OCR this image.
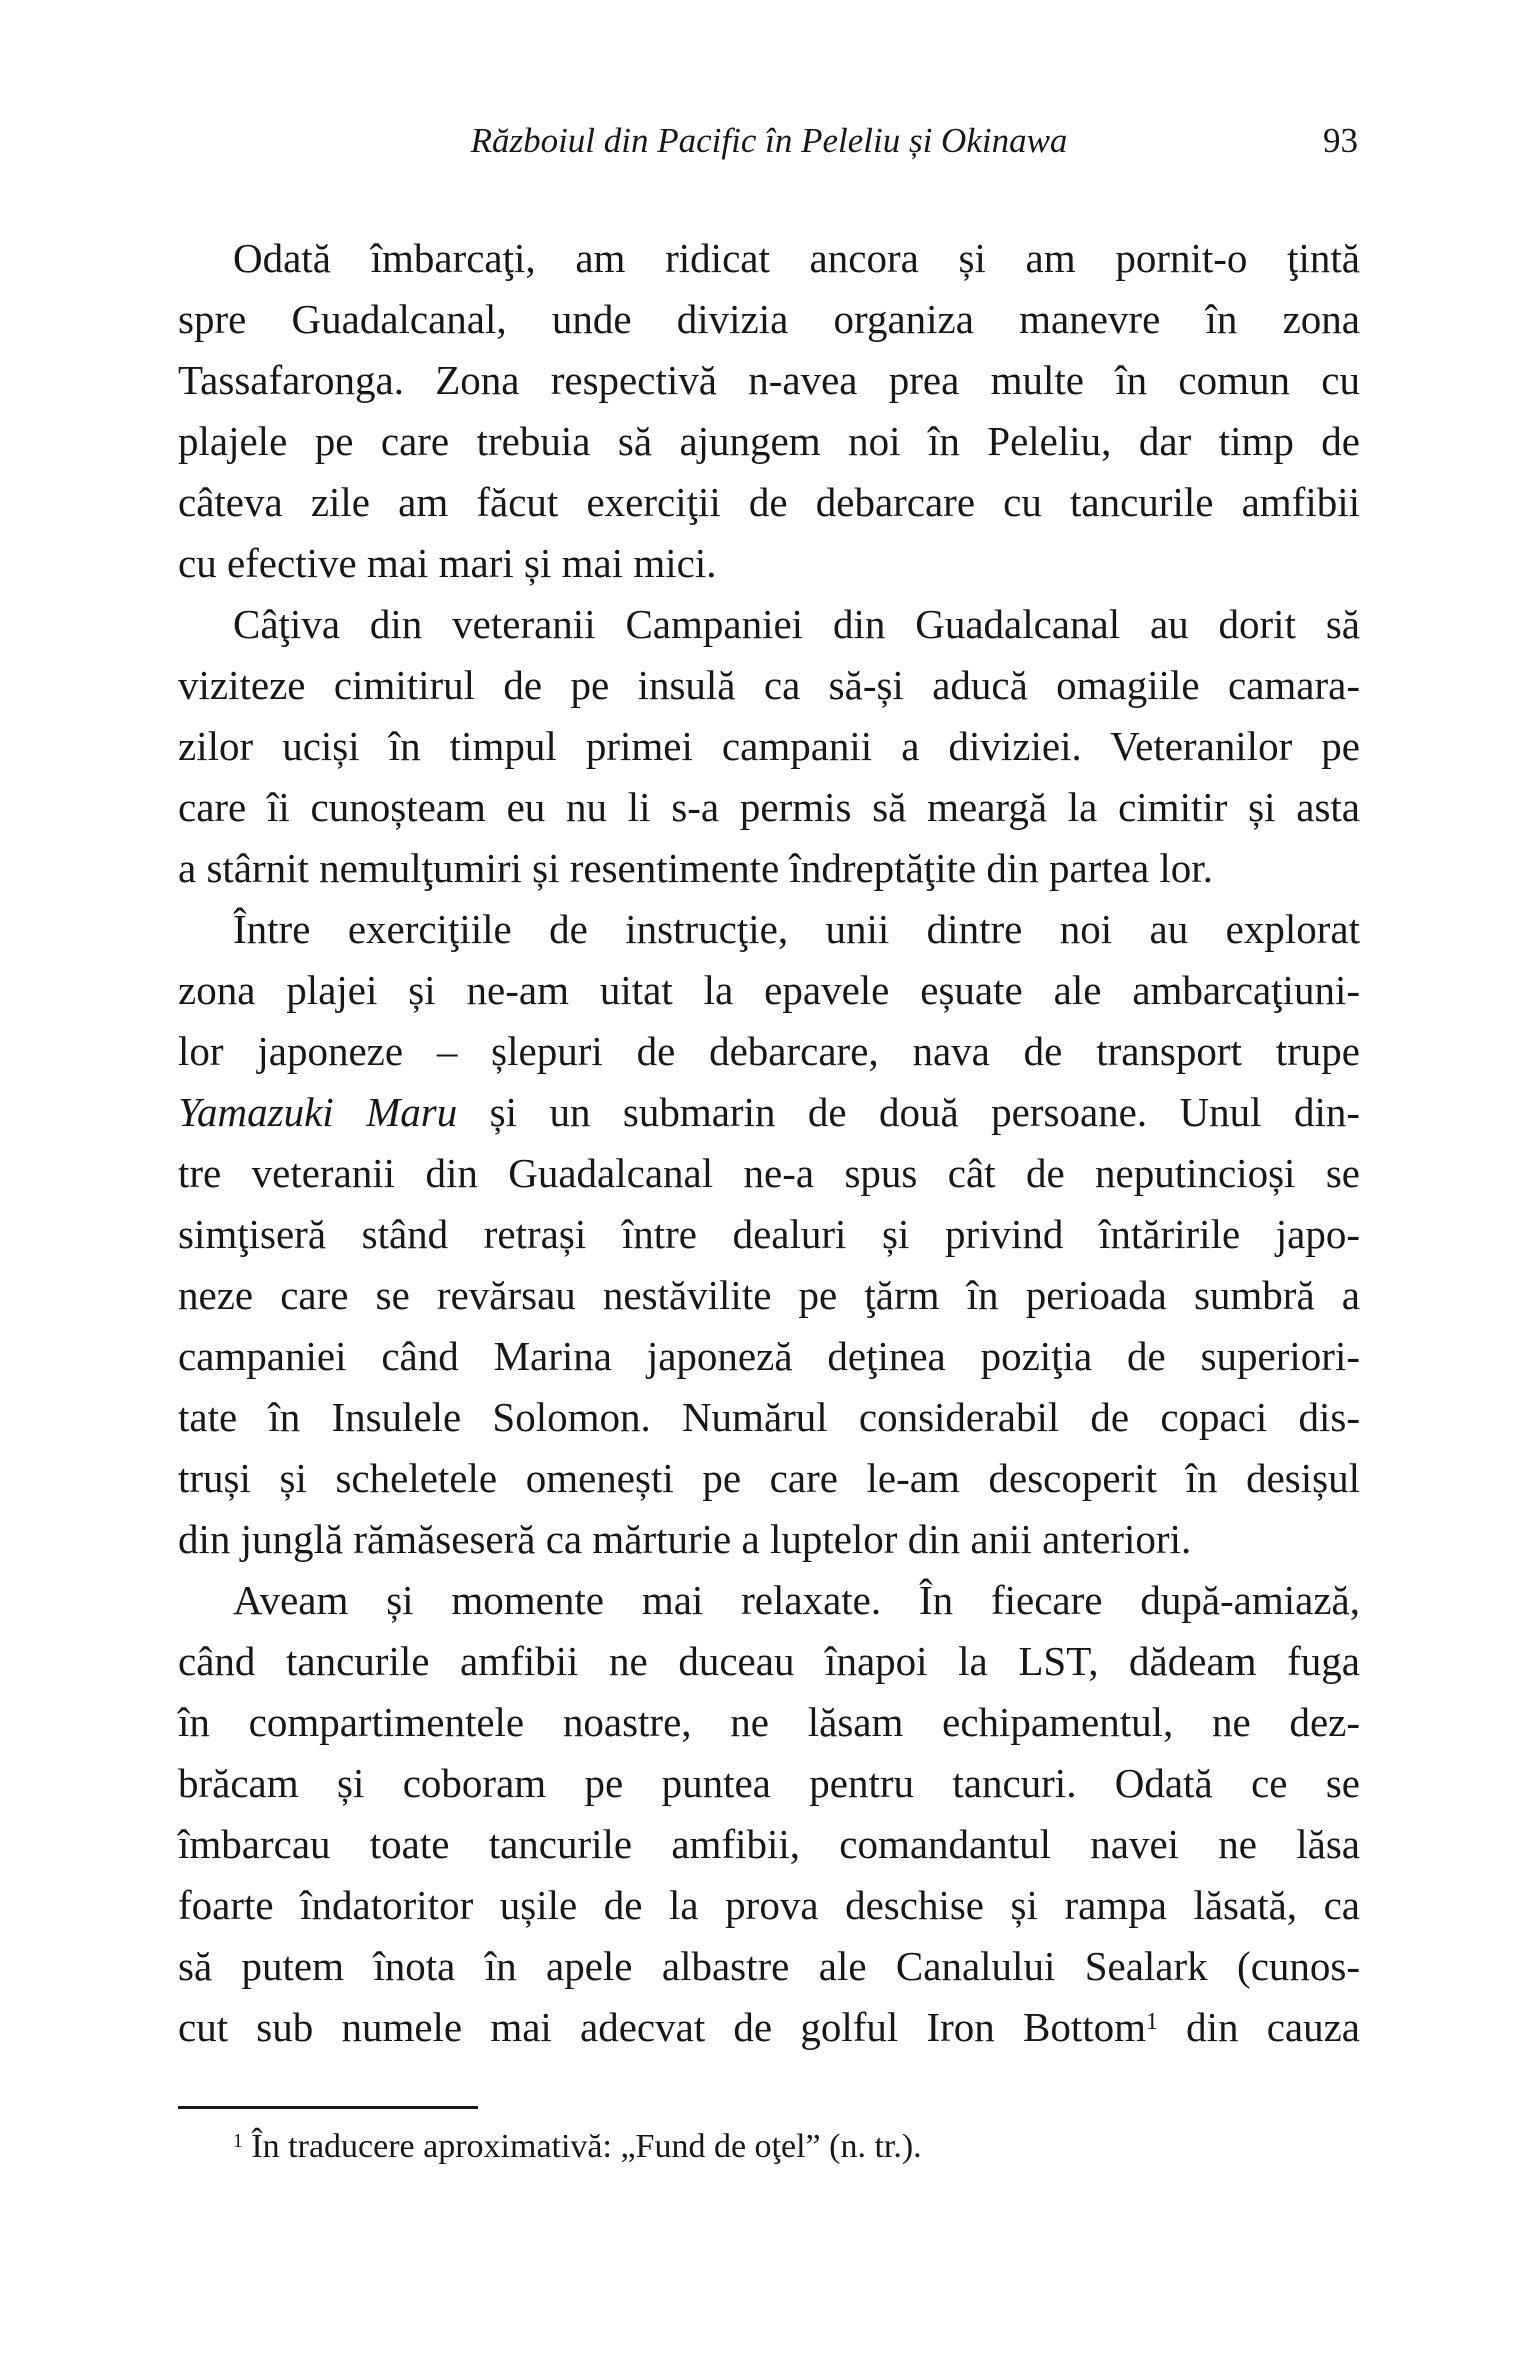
Războiul din Pacific în Peleliu și Okinawa	93
Odată îmbarcaţi, am ridicat ancora și am pornit-o ţintă
spre Guadalcanal, unde divizia organiza manevre în zona
Tassafaronga. Zona respectivă n-avea prea multe în comun cu
plajele pe care trebuia să ajungem noi în Peleliu, dar timp de
câteva zile am făcut exerciţii de debarcare cu tancurile amfibii
cu efective mai mari și mai mici.
Câţiva din veteranii Campaniei din Guadalcanal au dorit să
viziteze cimitirul de pe insulă ca să-și aducă omagiile camara-
zilor uciși în timpul primei campanii a diviziei. Veteranilor pe
care îi cunoșteam eu nu li s-a permis să meargă la cimitir și asta
a stârnit nemulţumiri și resentimente îndreptăţite din partea lor.
Între exerciţiile de instrucţie, unii dintre noi au explorat
zona plajei și ne-am uitat la epavele eșuate ale ambarcaţiuni-
lor japoneze – șlepuri de debarcare, nava de transport trupe
Yamazuki Maru și un submarin de două persoane. Unul din-
tre veteranii din Guadalcanal ne-a spus cât de neputincioși se
simţiseră stând retrași între dealuri și privind întăririle japo-
neze care se revărsau nestăvilite pe ţărm în perioada sumbră a
campaniei când Marina japoneză deţinea poziţia de superiori-
tate în Insulele Solomon. Numărul considerabil de copaci dis-
truși și scheletele omenești pe care le-am descoperit în desișul
din junglă rămăseseră ca mărturie a luptelor din anii anteriori.
Aveam și momente mai relaxate. În fiecare după-amiază,
când tancurile amfibii ne duceau înapoi la LST, dădeam fuga
în compartimentele noastre, ne lăsam echipamentul, ne dez-
brăcam și coboram pe puntea pentru tancuri. Odată ce se
îmbarcau toate tancurile amfibii, comandantul navei ne lăsa
foarte îndatoritor ușile de la prova deschise și rampa lăsată, ca
să putem înota în apele albastre ale Canalului Sealark (cunos-
cut sub numele mai adecvat de golful Iron Bottom$^1$ din cauza
$^1$ În traducere aproximativă: „Fund de oţel” (n. tr.).
